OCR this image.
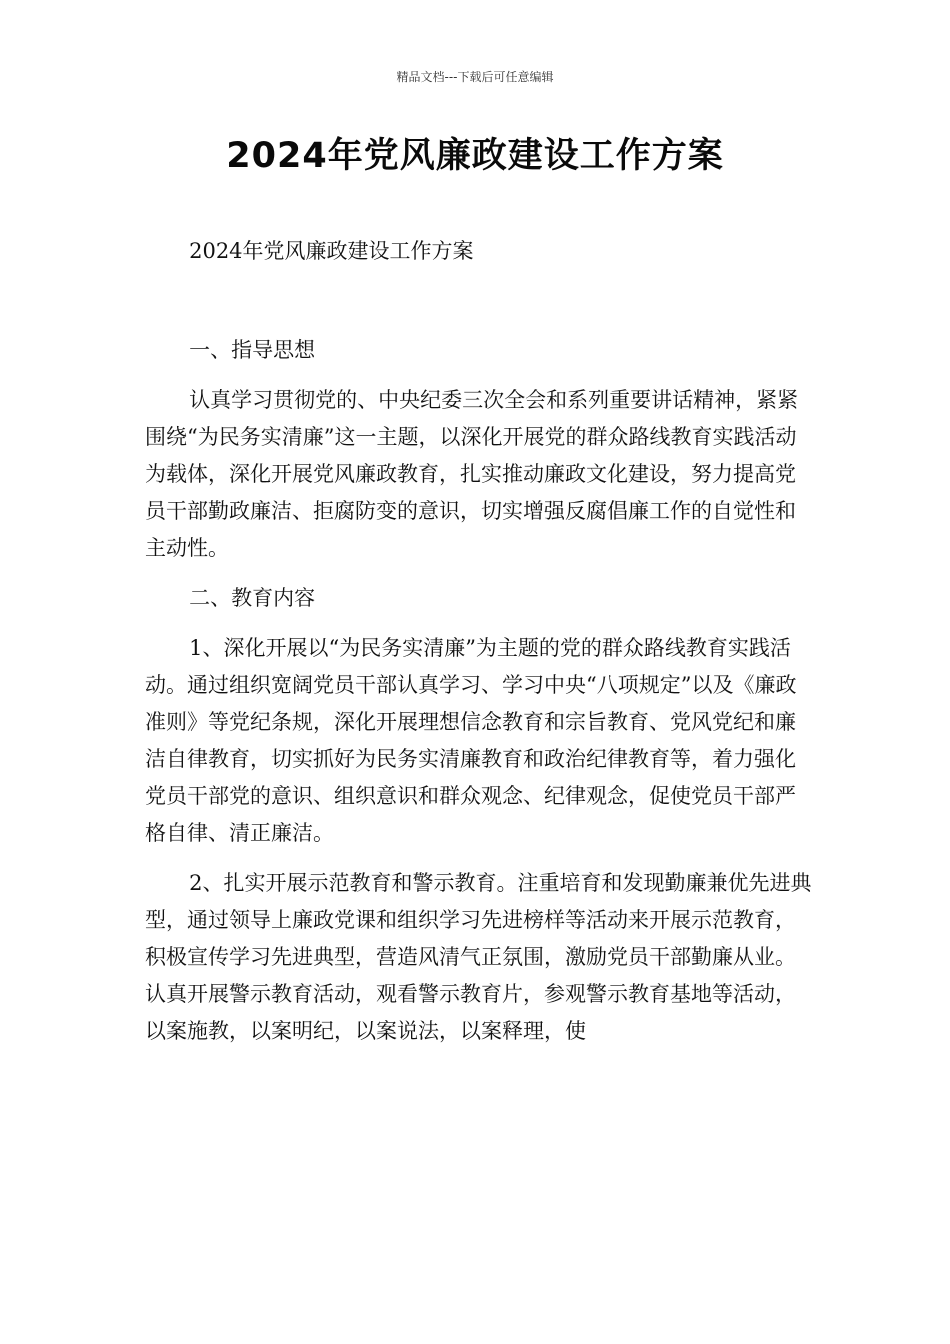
精品文档---下载后可任意编辑
2024年党风廉政建设工作方案

2024年党风廉政建设工作方案

一、指导思想

认真学习贯彻党的、中央纪委三次全会和系列重要讲话精神，紧紧围绕“为民务实清廉”这一主题，以深化开展党的群众路线教育实践活动为载体，深化开展党风廉政教育，扎实推动廉政文化建设，努力提高党员干部勤政廉洁、拒腐防变的意识，切实增强反腐倡廉工作的自觉性和主动性。

二、教育内容

1、深化开展以“为民务实清廉”为主题的党的群众路线教育实践活动。通过组织宽阔党员干部认真学习、学习中央“八项规定”以及《廉政准则》等党纪条规，深化开展理想信念教育和宗旨教育、党风党纪和廉洁自律教育，切实抓好为民务实清廉教育和政治纪律教育等，着力强化党员干部党的意识、组织意识和群众观念、纪律观念，促使党员干部严格自律、清正廉洁。

2、扎实开展示范教育和警示教育。注重培育和发现勤廉兼优先进典型，通过领导上廉政党课和组织学习先进榜样等活动来开展示范教育，积极宣传学习先进典型，营造风清气正氛围，激励党员干部勤廉从业。认真开展警示教育活动，观看警示教育片，参观警示教育基地等活动，以案施教，以案明纪，以案说法，以案释理，使
